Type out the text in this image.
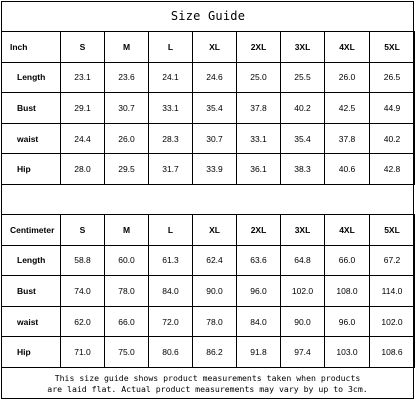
Size Guide
Inch	S	M	L	XL	2XL	3XL	4XL	5XL
Length	23.1	23.6	24.1	24.6	25.0	25.5	26.0	26.5
Bust	29.1	30.7	33.1	35.4	37.8	40.2	42.5	44.9
waist	24.4	26.0	28.3	30.7	33.1	35.4	37.8	40.2
Hip	28.0	29.5	31.7	33.9	36.1	38.3	40.6	42.8
Centimeter	S	M	L	XL	2XL	3XL	4XL	5XL
Length	58.8	60.0	61.3	62.4	63.6	64.8	66.0	67.2
Bust	74.0	78.0	84.0	90.0	96.0	102.0	108.0	114.0
waist	62.0	66.0	72.0	78.0	84.0	90.0	96.0	102.0
Hip	71.0	75.0	80.6	86.2	91.8	97.4	103.0	108.6
This size guide shows product measurements taken when products
are laid flat. Actual product measurements may vary by up to 3cm.
